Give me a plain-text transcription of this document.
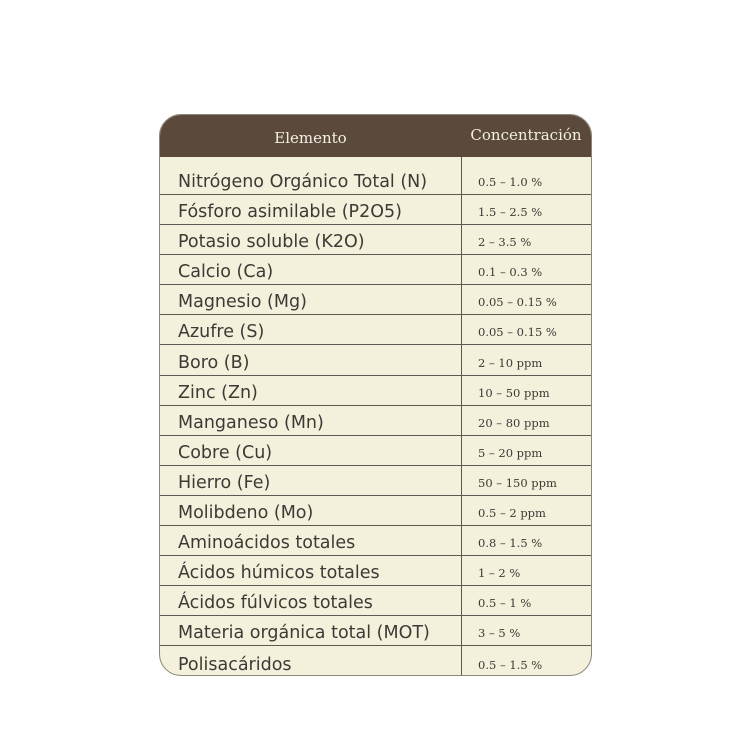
Elemento	Concentración
Nitrógeno Orgánico Total (N)	0.5 – 1.0 %
Fósforo asimilable (P2O5)	1.5 – 2.5 %
Potasio soluble (K2O)	2 – 3.5 %
Calcio (Ca)	0.1 – 0.3 %
Magnesio (Mg)	0.05 – 0.15 %
Azufre (S)	0.05 – 0.15 %
Boro (B)	2 – 10 ppm
Zinc (Zn)	10 – 50 ppm
Manganeso (Mn)	20 – 80 ppm
Cobre (Cu)	5 – 20 ppm
Hierro (Fe)	50 – 150 ppm
Molibdeno (Mo)	0.5 – 2 ppm
Aminoácidos totales	0.8 – 1.5 %
Ácidos húmicos totales	1 – 2 %
Ácidos fúlvicos totales	0.5 – 1 %
Materia orgánica total (MOT)	3 – 5 %
Polisacáridos	0.5 – 1.5 %
